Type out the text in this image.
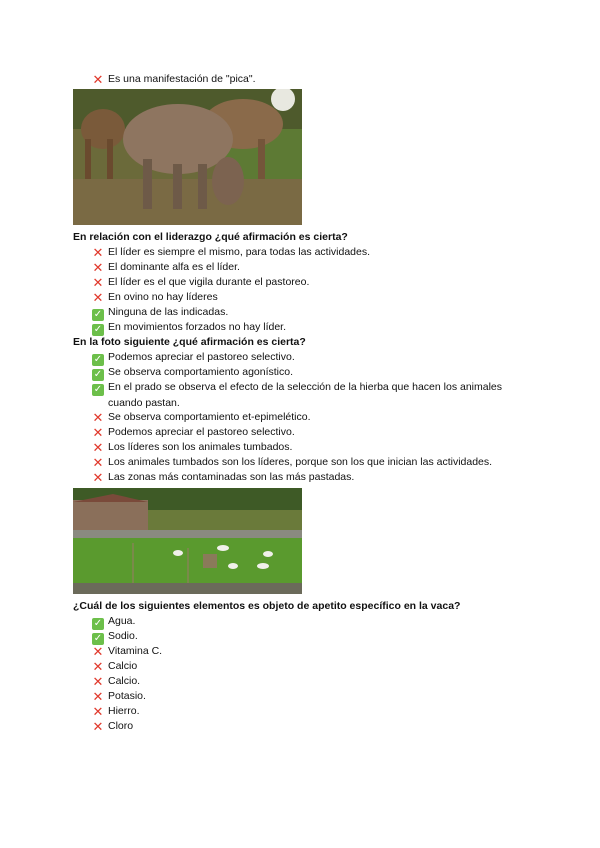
✕ Es una manifestación de "pica".
En relación con el liderazgo ¿qué afirmación es cierta?
✕ El líder es siempre el mismo, para todas las actividades.
✕ El dominante alfa es el líder.
✕ El líder es el que vigila durante el pastoreo.
✕ En ovino no hay líderes
✓ Ninguna de las indicadas.
✓ En movimientos forzados no hay líder.
En la foto siguiente ¿qué afirmación es cierta?
✓ Podemos apreciar el pastoreo selectivo.
✓ Se observa comportamiento agonístico.
✓ En el prado se observa el efecto de la selección de la hierba que hacen los animales
cuando pastan.
✕ Se observa comportamiento et-epimelético.
✕ Podemos apreciar el pastoreo selectivo.
✕ Los líderes son los animales tumbados.
✕ Los animales tumbados son los líderes, porque son los que inician las actividades.
✕ Las zonas más contaminadas son las más pastadas.
¿Cuál de los siguientes elementos es objeto de apetito específico en la vaca?
✓ Agua.
✓ Sodio.
✕ Vitamina C.
✕ Calcio
✕ Calcio.
✕ Potasio.
✕ Hierro.
✕ Cloro
